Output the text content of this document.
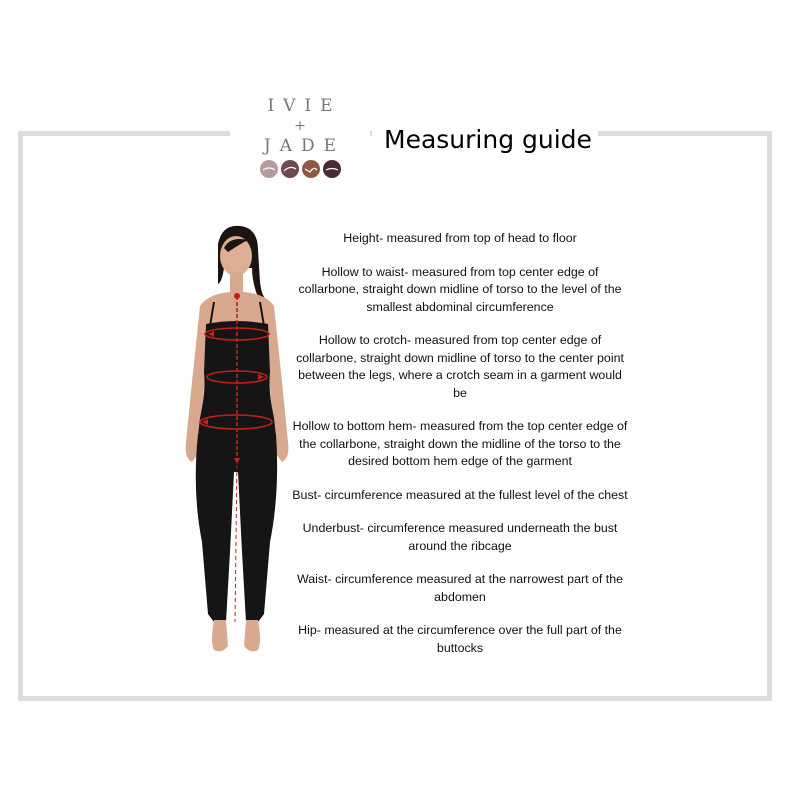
IVIE
+
JADE Measuring guide

Height- measured from top of head to floor

Hollow to waist- measured from top center edge of collarbone, straight down midline of torso to the level of the smallest abdominal circumference

Hollow to crotch- measured from top center edge of collarbone, straight down midline of torso to the center point between the legs, where a crotch seam in a garment would be

Hollow to bottom hem- measured from the top center edge of the collarbone, straight down the midline of the torso to the desired bottom hem edge of the garment

Bust- circumference measured at the fullest level of the chest

Underbust- circumference measured underneath the bust around the ribcage

Waist- circumference measured at the narrowest part of the abdomen

Hip- measured at the circumference over the full part of the buttocks
